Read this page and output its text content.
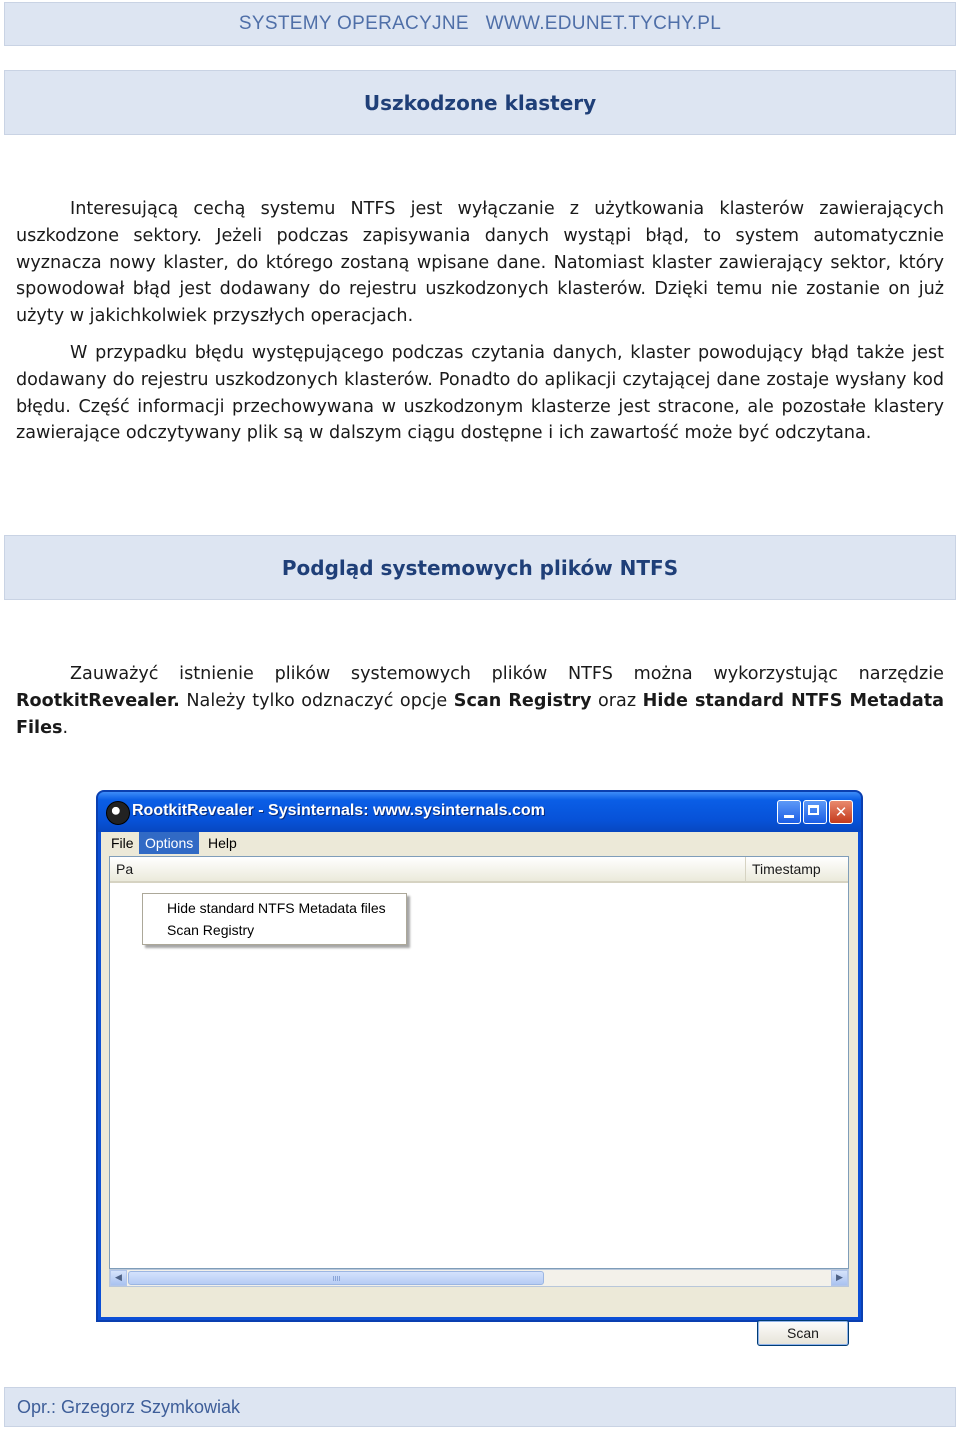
SYSTEMY OPERACYJNE   WWW.EDUNET.TYCHY.PL
Uszkodzone klastery

Interesującą cechą systemu NTFS jest wyłączanie z użytkowania klasterów zawierających uszkodzone sektory. Jeżeli podczas zapisywania danych wystąpi błąd, to system automatycznie wyznacza nowy klaster, do którego zostaną wpisane dane. Natomiast klaster zawierający sektor, który spowodował błąd jest dodawany do rejestru uszkodzonych klasterów. Dzięki temu nie zostanie on już użyty w jakichkolwiek przyszłych operacjach.

W przypadku błędu występującego podczas czytania danych, klaster powodujący błąd także jest dodawany do rejestru uszkodzonych klasterów. Ponadto do aplikacji czytającej dane zostaje wysłany kod błędu. Część informacji przechowywana w uszkodzonym klasterze jest stracone, ale pozostałe klastery zawierające odczytywany plik są w dalszym ciągu dostępne i ich zawartość może być odczytana.

Podgląd systemowych plików NTFS

Zauważyć istnienie plików systemowych plików NTFS można wykorzystując narzędzie RootkitRevealer. Należy tylko odznaczyć opcje Scan Registry oraz Hide standard NTFS Metadata Files.

RootkitRevealer - Sysinternals: www.sysinternals.com	✕
File Options	Help
Pa	Timestamp
◀	▶
Scan
Hide standard NTFS Metadata files
Scan Registry
Opr.: Grzegorz Szymkowiak
